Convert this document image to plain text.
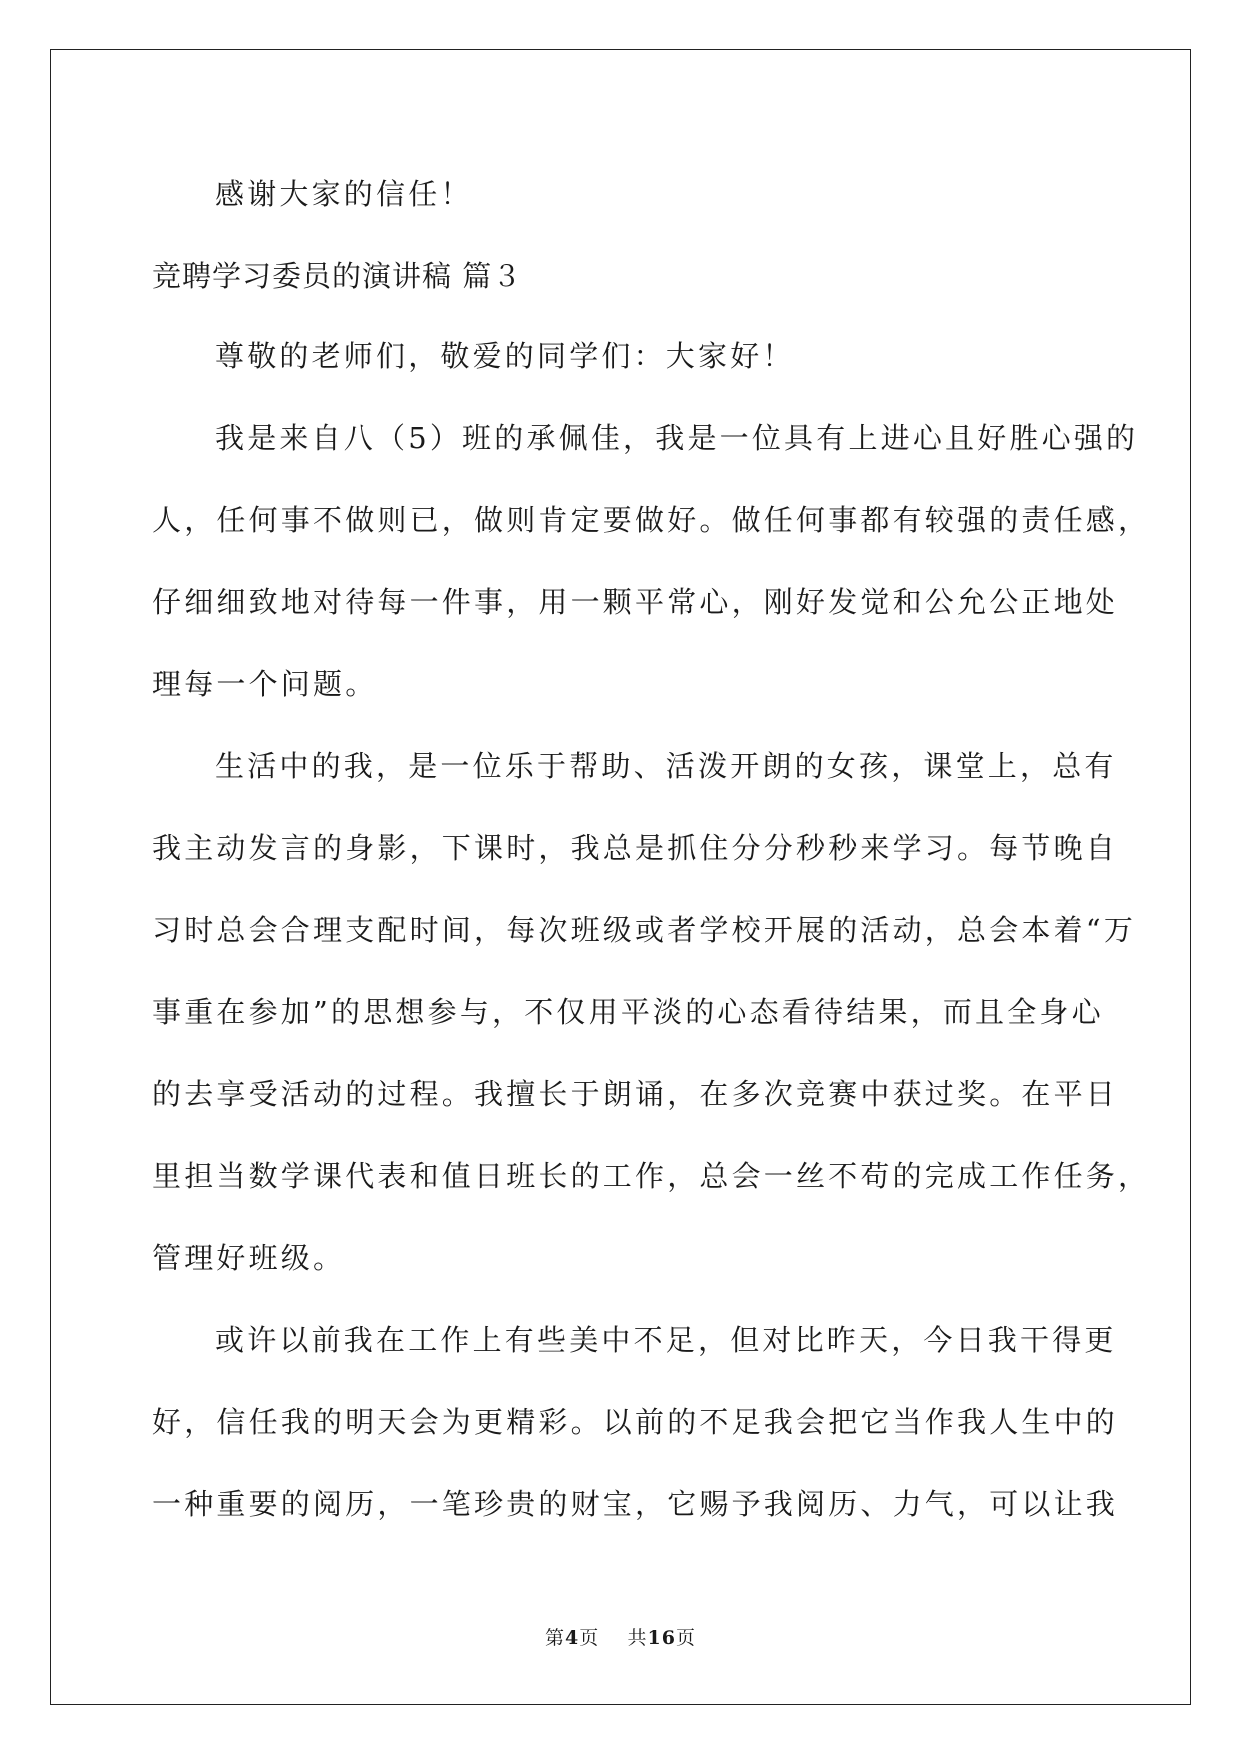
感谢大家的信任！
竞聘学习委员的演讲稿 篇３
尊敬的老师们，敬爱的同学们：大家好！
我是来自八（5）班的承佩佳，我是一位具有上进心且好胜心强的
人，任何事不做则已，做则肯定要做好。做任何事都有较强的责任感，
仔细细致地对待每一件事，用一颗平常心，刚好发觉和公允公正地处
理每一个问题。
生活中的我，是一位乐于帮助、活泼开朗的女孩，课堂上，总有
我主动发言的身影，下课时，我总是抓住分分秒秒来学习。每节晚自
习时总会合理支配时间，每次班级或者学校开展的活动，总会本着“万
事重在参加”的思想参与，不仅用平淡的心态看待结果，而且全身心
的去享受活动的过程。我擅长于朗诵，在多次竞赛中获过奖。在平日
里担当数学课代表和值日班长的工作，总会一丝不苟的完成工作任务，
管理好班级。
或许以前我在工作上有些美中不足，但对比昨天，今日我干得更
好，信任我的明天会为更精彩。以前的不足我会把它当作我人生中的
一种重要的阅历，一笔珍贵的财宝，它赐予我阅历、力气，可以让我
第4页 共16页
